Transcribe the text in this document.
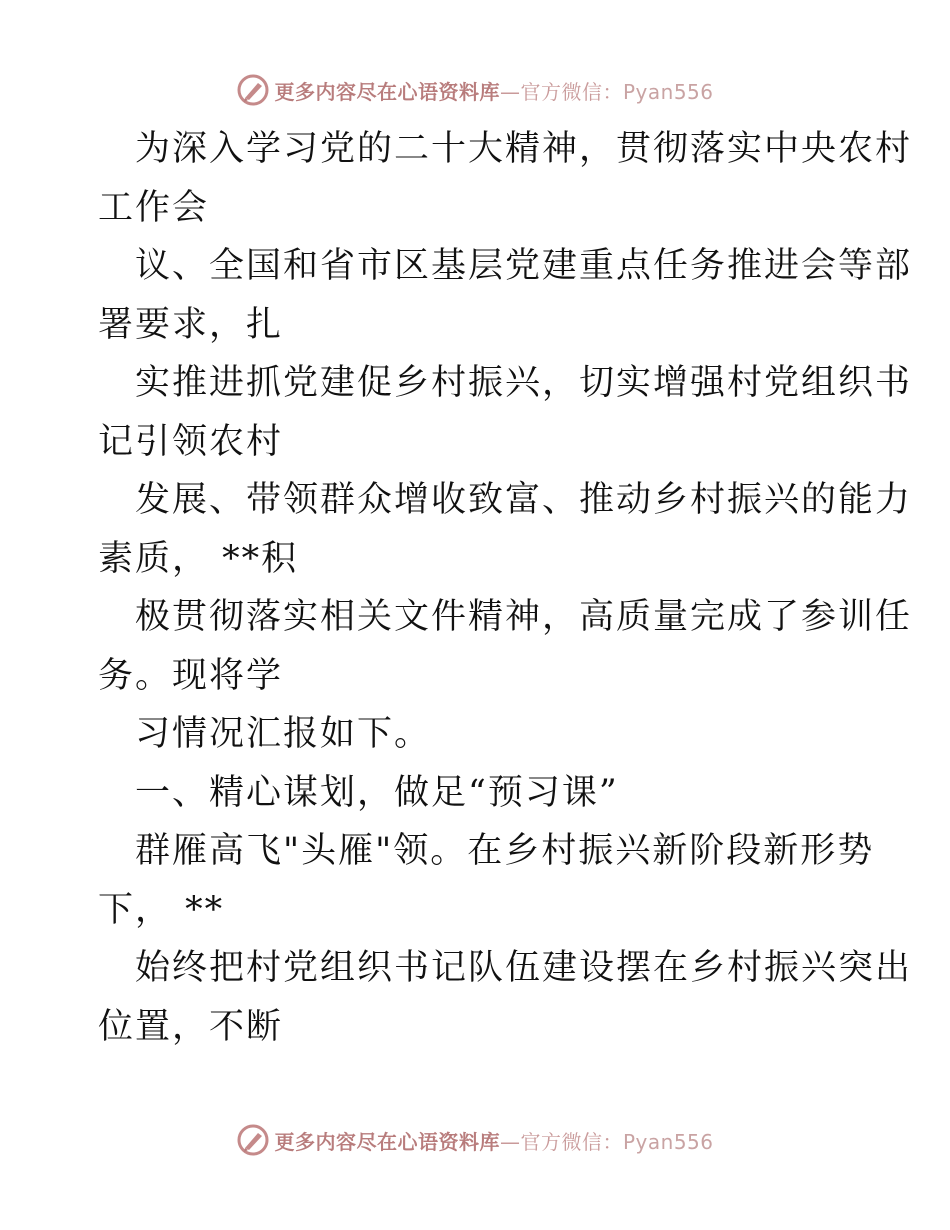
更多内容尽在心语资料库—官方微信：Pyan556
为深入学习党的二十大精神，贯彻落实中央农村
工作会
议、全国和省市区基层党建重点任务推进会等部
署要求，扎
实推进抓党建促乡村振兴，切实增强村党组织书
记引领农村
发展、带领群众增收致富、推动乡村振兴的能力
素质， **积
极贯彻落实相关文件精神，高质量完成了参训任
务。现将学
习情况汇报如下。
一、精心谋划，做足“预习课”
群雁高飞"头雁"领。在乡村振兴新阶段新形势
下， **
始终把村党组织书记队伍建设摆在乡村振兴突出
位置，不断
更多内容尽在心语资料库—官方微信：Pyan556
